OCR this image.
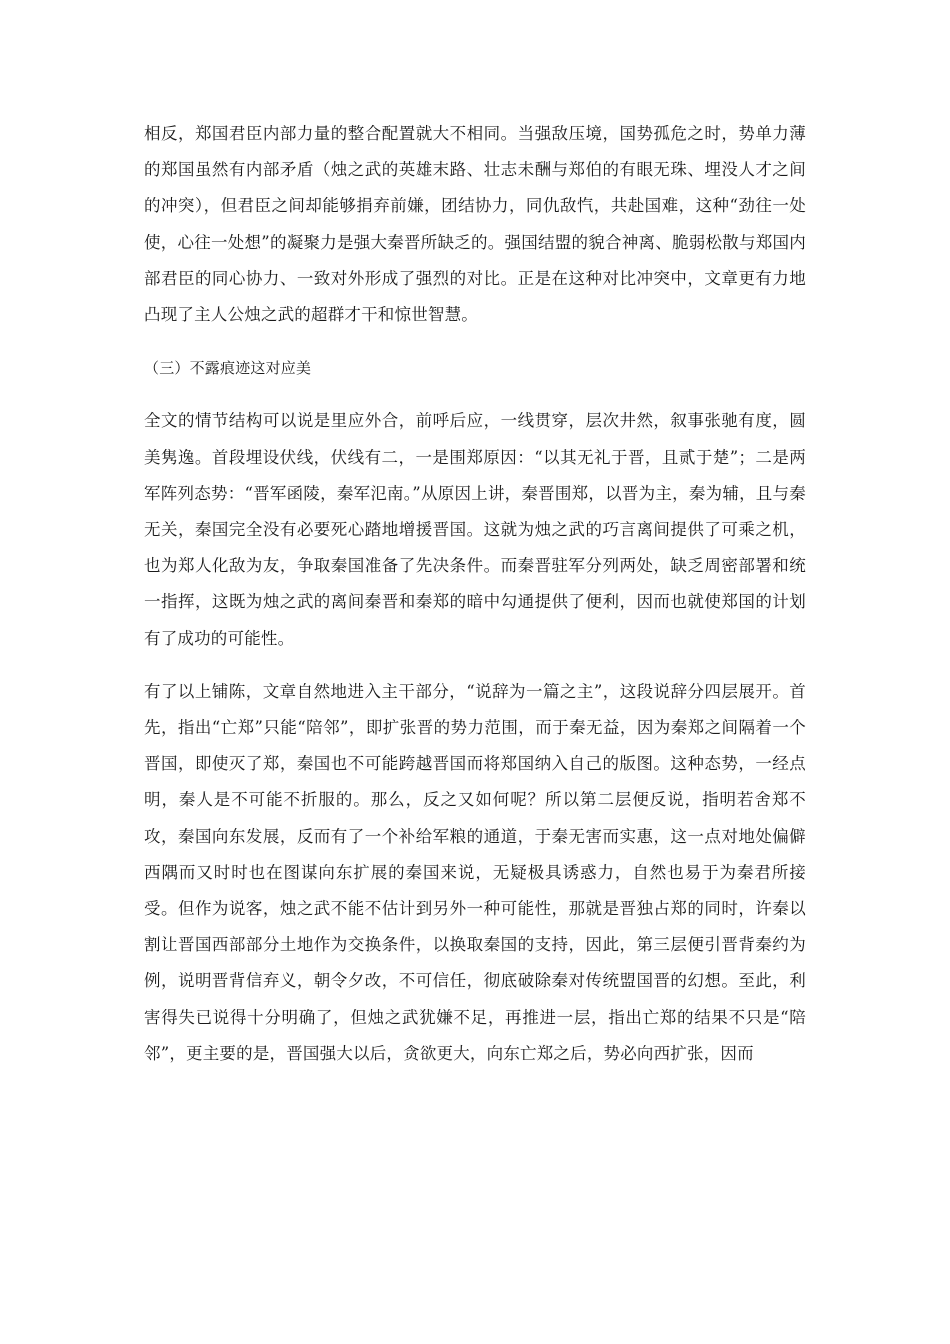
相反，郑国君臣内部力量的整合配置就大不相同。当强敌压境，国势孤危之时，势单力薄的郑国虽然有内部矛盾（烛之武的英雄末路、壮志未酬与郑伯的有眼无珠、埋没人才之间的冲突），但君臣之间却能够捐弃前嫌，团结协力，同仇敌忾，共赴国难，这种“劲往一处使，心往一处想”的凝聚力是强大秦晋所缺乏的。强国结盟的貌合神离、脆弱松散与郑国内部君臣的同心协力、一致对外形成了强烈的对比。正是在这种对比冲突中，文章更有力地凸现了主人公烛之武的超群才干和惊世智慧。

（三）不露痕迹这对应美

全文的情节结构可以说是里应外合，前呼后应，一线贯穿，层次井然，叙事张驰有度，圆美隽逸。首段埋设伏线，伏线有二，一是围郑原因：“以其无礼于晋，且贰于楚”；二是两军阵列态势：“晋军函陵，秦军氾南。”从原因上讲，秦晋围郑，以晋为主，秦为辅，且与秦无关，秦国完全没有必要死心踏地增援晋国。这就为烛之武的巧言离间提供了可乘之机，也为郑人化敌为友，争取秦国准备了先决条件。而秦晋驻军分列两处，缺乏周密部署和统一指挥，这既为烛之武的离间秦晋和秦郑的暗中勾通提供了便利，因而也就使郑国的计划有了成功的可能性。

有了以上铺陈，文章自然地进入主干部分，“说辞为一篇之主”，这段说辞分四层展开。首先，指出“亡郑”只能“陪邻”，即扩张晋的势力范围，而于秦无益，因为秦郑之间隔着一个晋国，即使灭了郑，秦国也不可能跨越晋国而将郑国纳入自己的版图。这种态势，一经点明，秦人是不可能不折服的。那么，反之又如何呢？所以第二层便反说，指明若舍郑不攻，秦国向东发展，反而有了一个补给军粮的通道，于秦无害而实惠，这一点对地处偏僻西隅而又时时也在图谋向东扩展的秦国来说，无疑极具诱惑力，自然也易于为秦君所接受。但作为说客，烛之武不能不估计到另外一种可能性，那就是晋独占郑的同时，许秦以割让晋国西部部分土地作为交换条件，以换取秦国的支持，因此，第三层便引晋背秦约为例，说明晋背信弃义，朝令夕改，不可信任，彻底破除秦对传统盟国晋的幻想。至此，利害得失已说得十分明确了，但烛之武犹嫌不足，再推进一层，指出亡郑的结果不只是“陪邻”，更主要的是，晋国强大以后，贪欲更大，向东亡郑之后，势必向西扩张，因而
